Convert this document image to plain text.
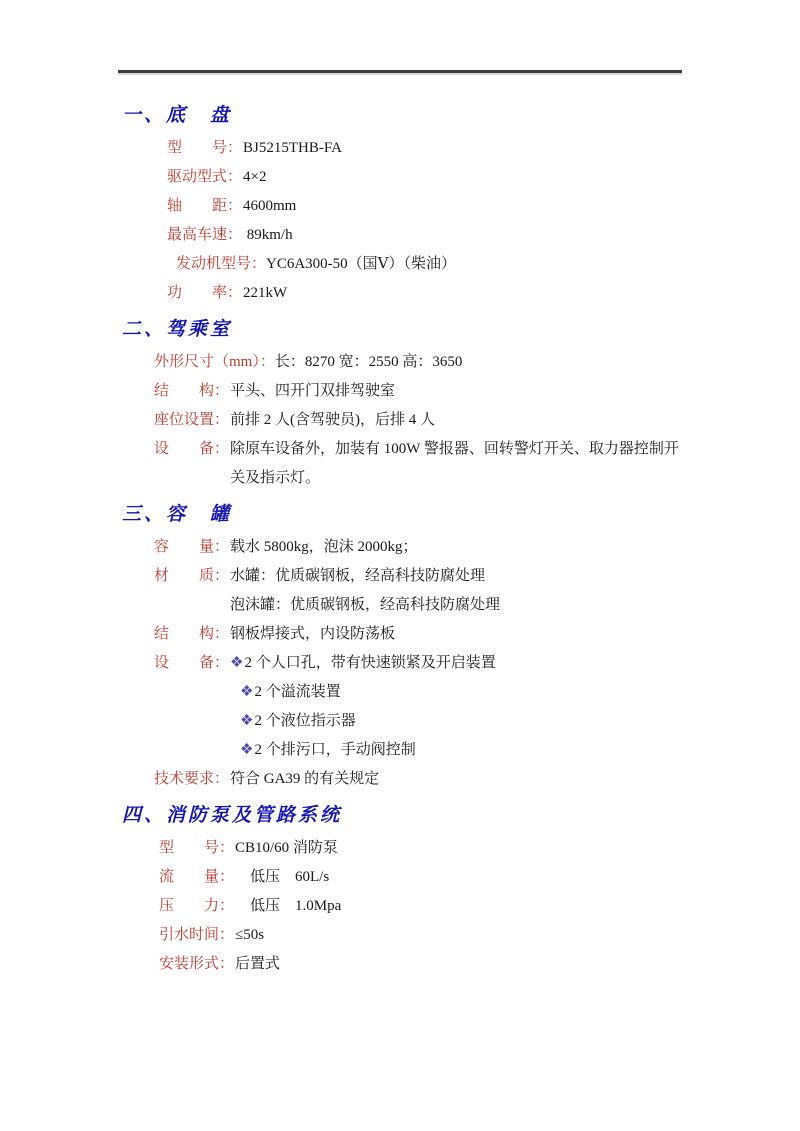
一、底　盘
型　　号： BJ5215THB-FA
驱动型式： 4×2
轴　　距： 4600mm
最高车速： 89km/h
发动机型号： YC6A300-50（国Ⅴ）（柴油）
功　　率： 221kW
二、驾乘室
外形尺寸（mm）： 长：8270 宽：2550 高：3650
结　　构： 平头、四开门双排驾驶室
座位设置： 前排 2 人(含驾驶员)，后排 4 人
设　　备： 除原车设备外，加装有 100W 警报器、回转警灯开关、取力器控制开关及指示灯。
三、容　罐
容　　量： 载水 5800kg，泡沫 2000kg；
材　　质： 水罐：优质碳钢板，经高科技防腐处理
泡沫罐：优质碳钢板，经高科技防腐处理
结　　构： 钢板焊接式，内设防荡板
设　　备： ❖ 2 个人口孔，带有快速锁紧及开启装置
❖ 2 个溢流装置
❖ 2 个液位指示器
❖ 2 个排污口，手动阀控制
技术要求： 符合 GA39 的有关规定
四、消防泵及管路系统
型　　号： CB10/60 消防泵
流　　量： 　低压　60L/s
压　　力： 　低压　1.0Mpa
引水时间： ≤50s
安装形式： 后置式
